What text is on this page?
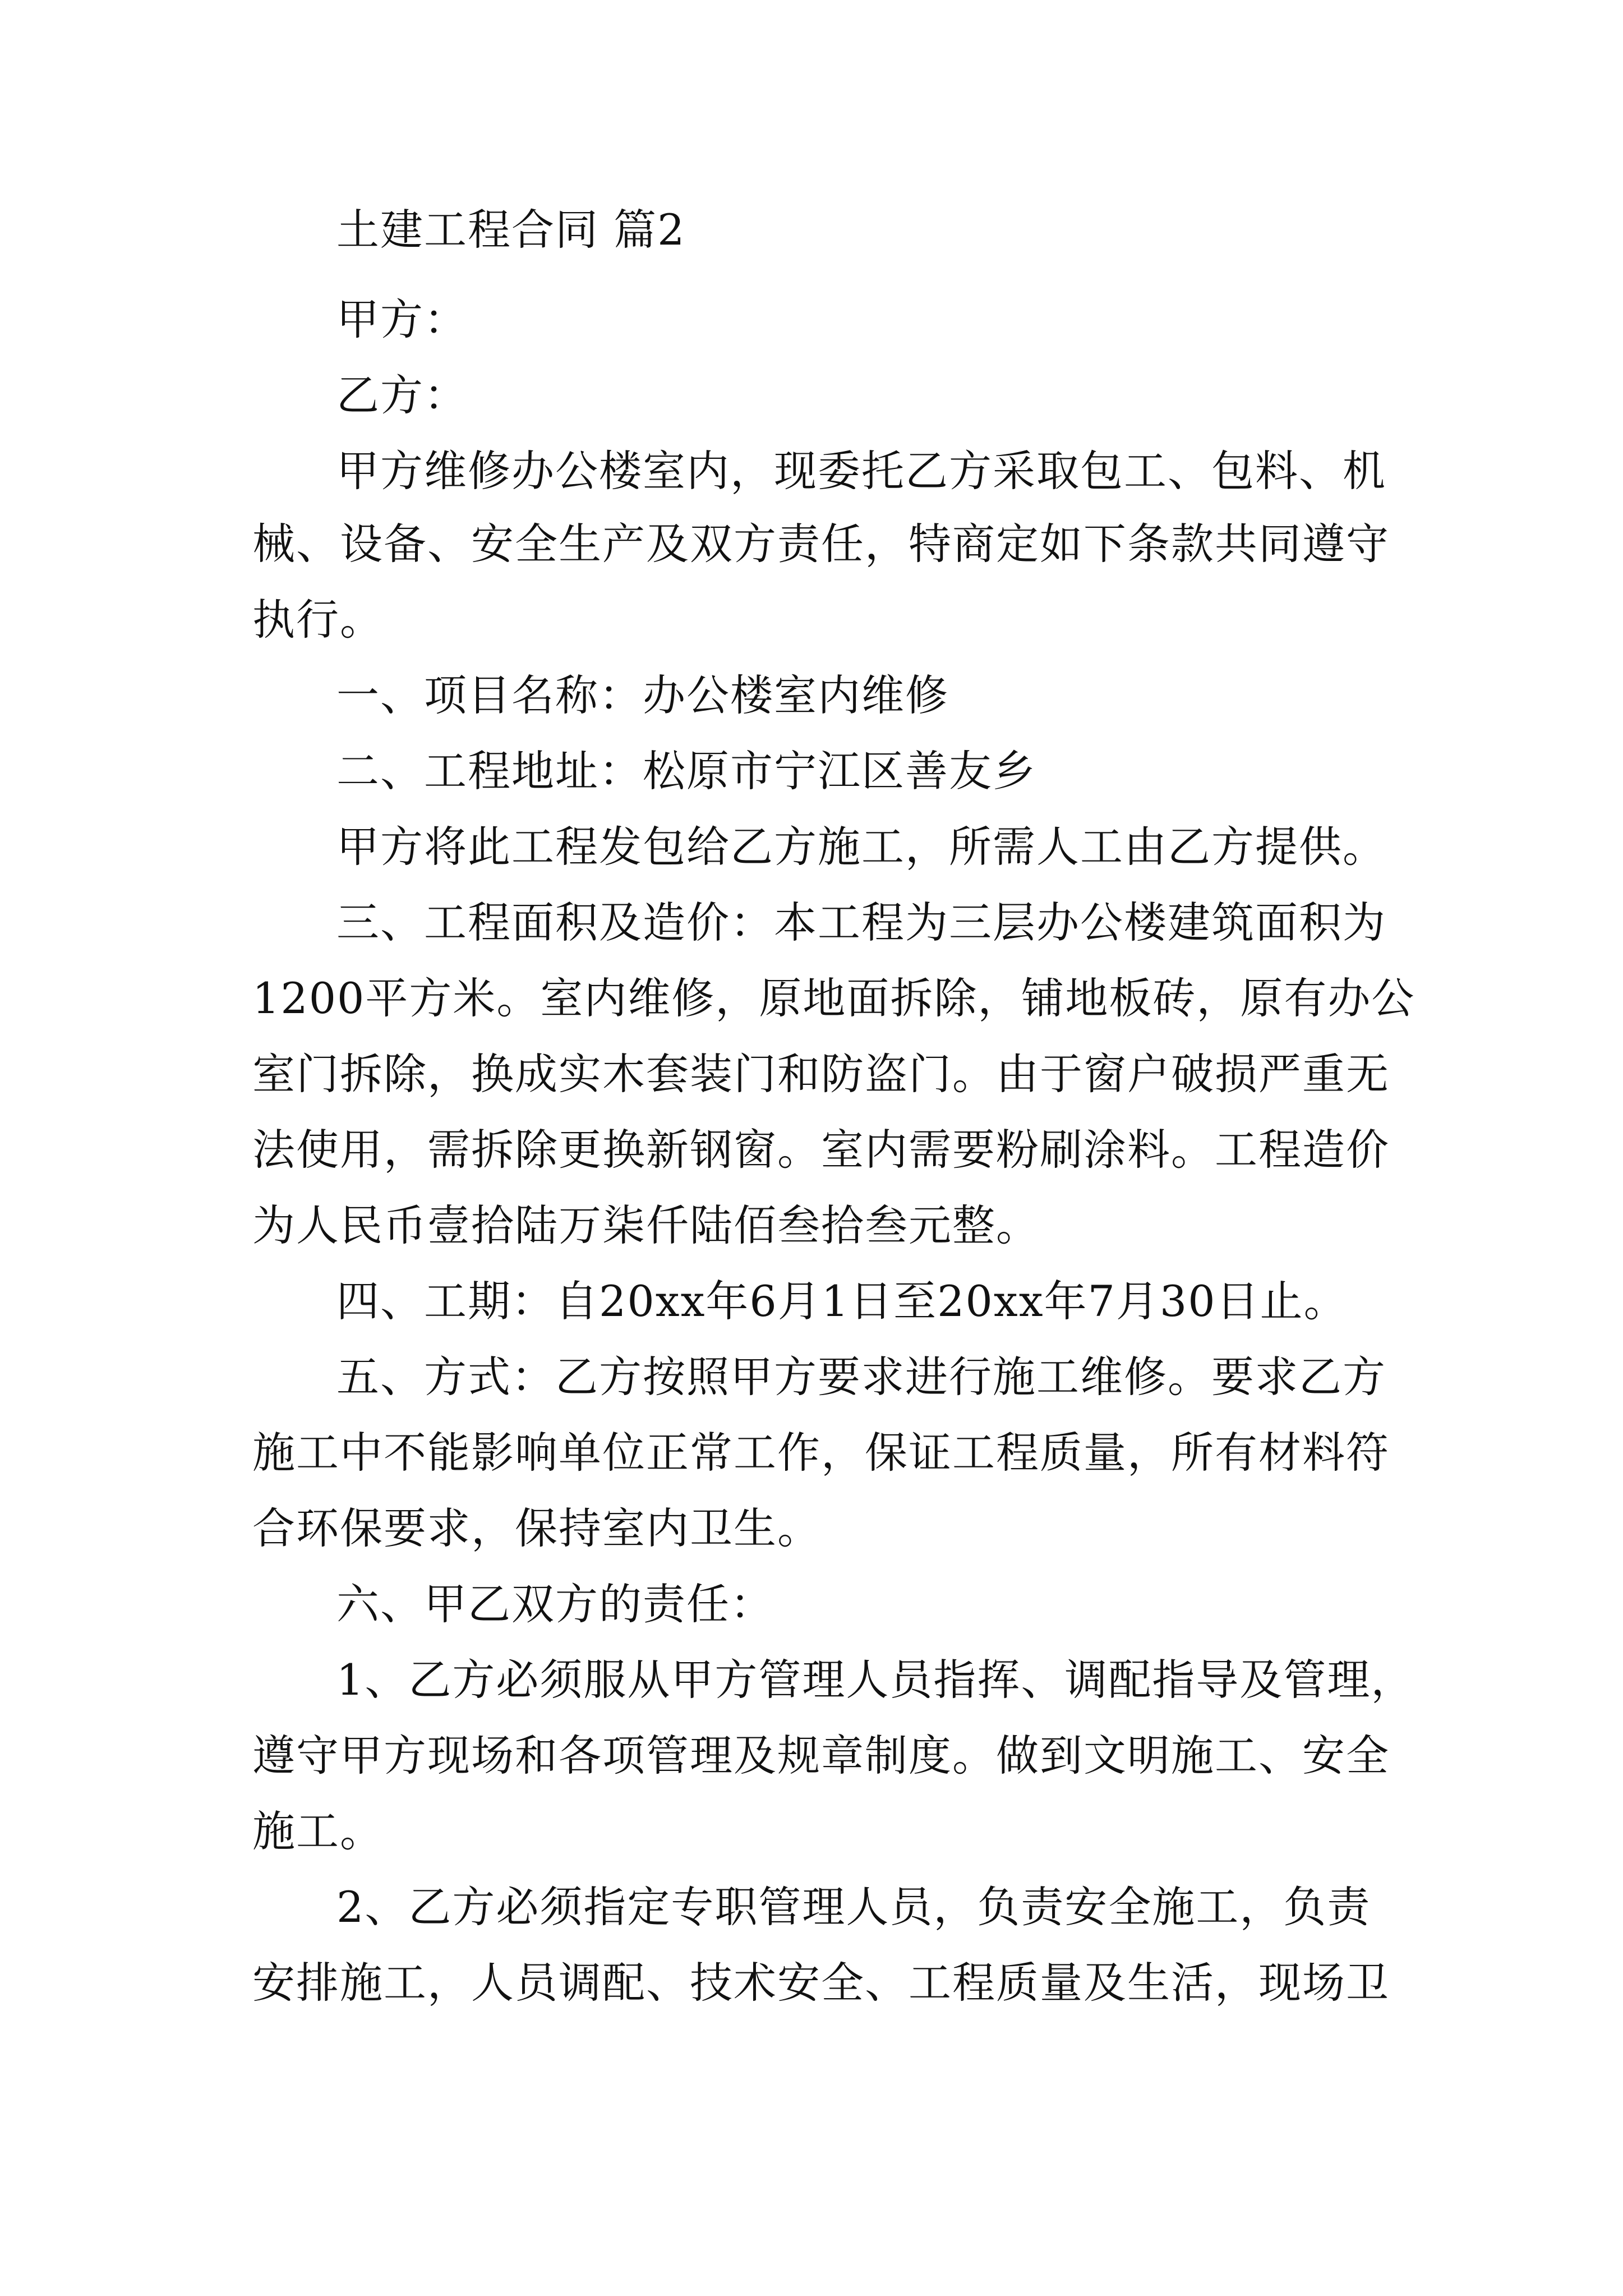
土建工程合同 篇2
甲方：
乙方：
甲方维修办公楼室内，现委托乙方采取包工、包料、机
械、设备、安全生产及双方责任，特商定如下条款共同遵守
执行。
一、项目名称：办公楼室内维修
二、工程地址：松原市宁江区善友乡
甲方将此工程发包给乙方施工，所需人工由乙方提供。
三、工程面积及造价：本工程为三层办公楼建筑面积为
1200平方米。室内维修，原地面拆除，铺地板砖，原有办公
室门拆除，换成实木套装门和防盗门。由于窗户破损严重无
法使用，需拆除更换新钢窗。室内需要粉刷涂料。工程造价
为人民币壹拾陆万柒仟陆佰叁拾叁元整。
四、工期：自20xx年6月1日至20xx年7月30日止。
五、方式：乙方按照甲方要求进行施工维修。要求乙方
施工中不能影响单位正常工作，保证工程质量，所有材料符
合环保要求，保持室内卫生。
六、甲乙双方的责任：
1、乙方必须服从甲方管理人员指挥、调配指导及管理，
遵守甲方现场和各项管理及规章制度。做到文明施工、安全
施工。
2、乙方必须指定专职管理人员，负责安全施工，负责
安排施工，人员调配、技术安全、工程质量及生活，现场卫
